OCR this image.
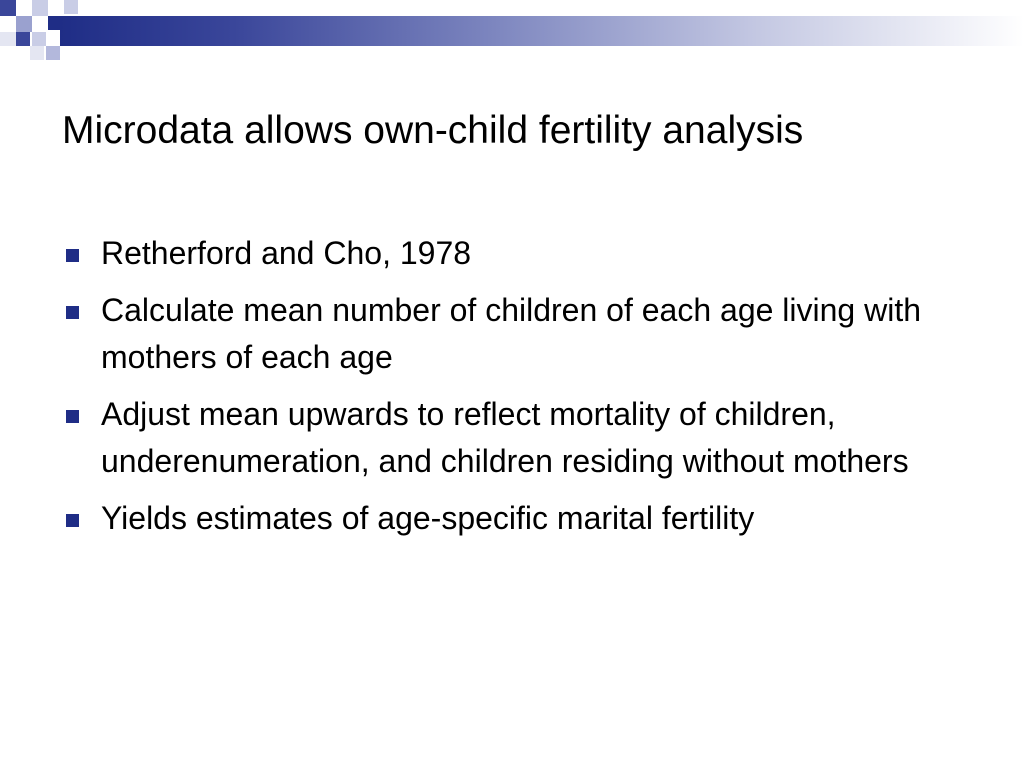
Microdata allows own-child fertility analysis
Retherford and Cho, 1978
Calculate mean number of children of each age living with mothers of each age
Adjust mean upwards to reflect mortality of children, underenumeration, and children residing without mothers
Yields estimates of age-specific marital fertility
